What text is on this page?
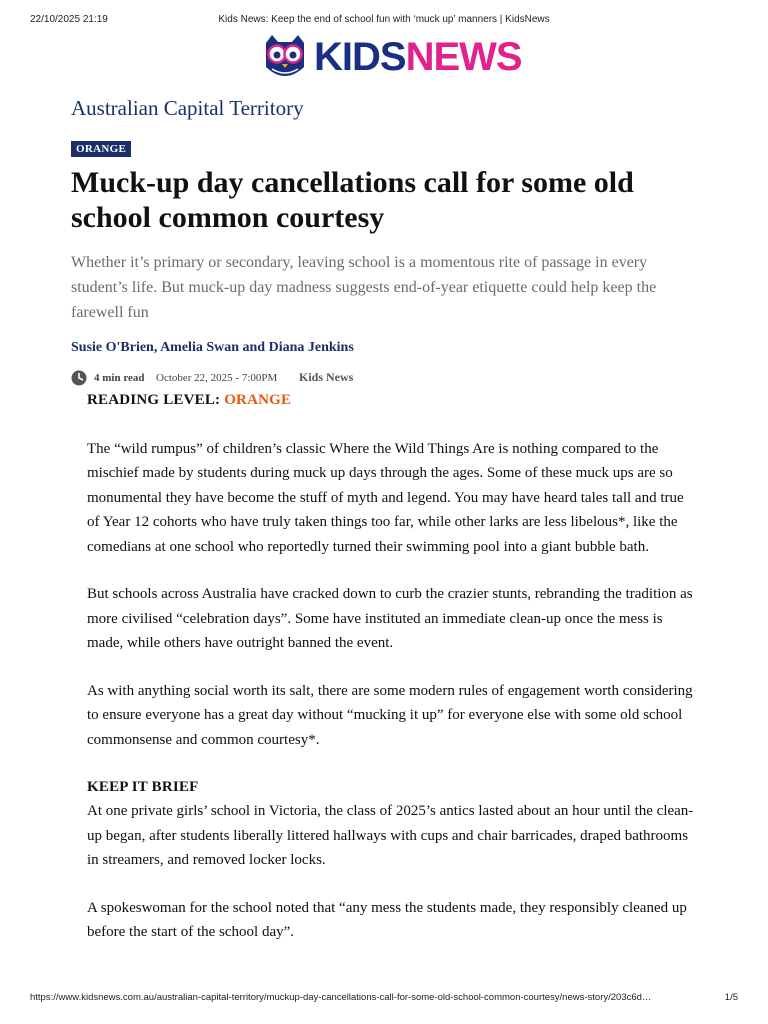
22/10/2025 21:19	Kids News: Keep the end of school fun with ‘muck up’ manners | KidsNews
KIDSNEWS
Australian Capital Territory
ORANGE
Muck-up day cancellations call for some old school common courtesy
Whether it’s primary or secondary, leaving school is a momentous rite of passage in every student’s life. But muck-up day madness suggests end-of-year etiquette could help keep the farewell fun
Susie O'Brien, Amelia Swan and Diana Jenkins
4 min read October 22, 2025 - 7:00PM Kids News
READING LEVEL: ORANGE

The “wild rumpus” of children’s classic Where the Wild Things Are is nothing compared to the mischief made by students during muck up days through the ages. Some of these muck ups are so monumental they have become the stuff of myth and legend. You may have heard tales tall and true of Year 12 cohorts who have truly taken things too far, while other larks are less libelous*, like the comedians at one school who reportedly turned their swimming pool into a giant bubble bath.

But schools across Australia have cracked down to curb the crazier stunts, rebranding the tradition as more civilised “celebration days”. Some have instituted an immediate clean-up once the mess is made, while others have outright banned the event.

As with anything social worth its salt, there are some modern rules of engagement worth considering to ensure everyone has a great day without “mucking it up” for everyone else with some old school commonsense and common courtesy*.

KEEP IT BRIEF

At one private girls’ school in Victoria, the class of 2025’s antics lasted about an hour until the clean-up began, after students liberally littered hallways with cups and chair barricades, draped bathrooms in streamers, and removed locker locks.

A spokeswoman for the school noted that “any mess the students made, they responsibly cleaned up before the start of the school day”.

https://www.kidsnews.com.au/australian-capital-territory/muckup-day-cancellations-call-for-some-old-school-common-courtesy/news-story/203c6d…	1/5
